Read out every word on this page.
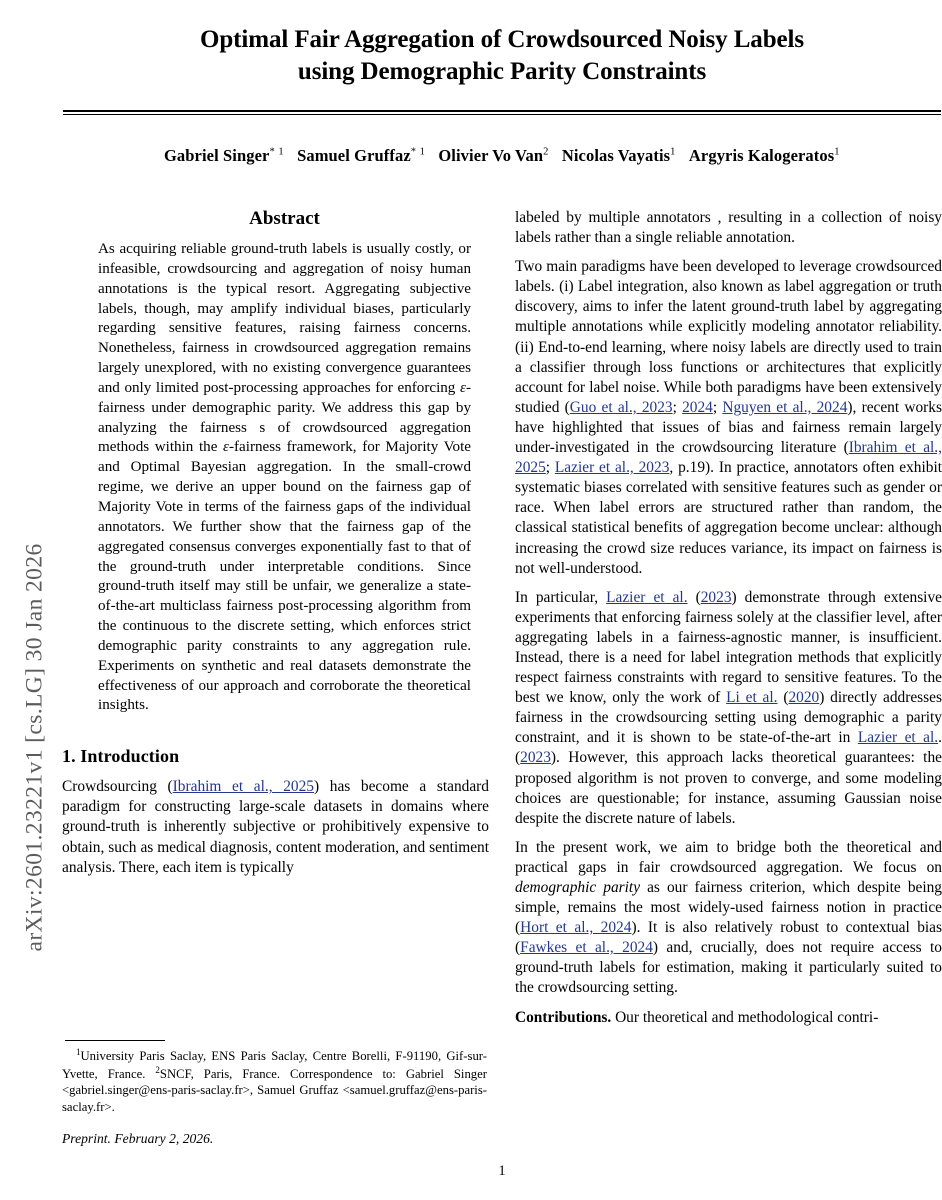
arXiv:2601.23221v1 [cs.LG] 30 Jan 2026
Optimal Fair Aggregation of Crowdsourced Noisy Labels
using Demographic Parity Constraints
Gabriel Singer$^{* 1}$ Samuel Gruffaz$^{* 1}$ Olivier Vo Van$^2$ Nicolas Vayatis$^1$ Argyris Kalogeratos$^1$
Abstract

As acquiring reliable ground-truth labels is usually costly, or infeasible, crowdsourcing and aggregation of noisy human annotations is the typical resort. Aggregating subjective labels, though, may amplify individual biases, particularly regarding sensitive features, raising fairness concerns. Nonetheless, fairness in crowdsourced aggregation remains largely unexplored, with no existing convergence guarantees and only limited post-processing approaches for enforcing ε-fairness under demographic parity. We address this gap by analyzing the fairness s of crowdsourced aggregation methods within the ε-fairness framework, for Majority Vote and Optimal Bayesian aggregation. In the small-crowd regime, we derive an upper bound on the fairness gap of Majority Vote in terms of the fairness gaps of the individual annotators. We further show that the fairness gap of the aggregated consensus converges exponentially fast to that of the ground-truth under interpretable conditions. Since ground-truth itself may still be unfair, we generalize a state-of-the-art multiclass fairness post-processing algorithm from the continuous to the discrete setting, which enforces strict demographic parity constraints to any aggregation rule. Experiments on synthetic and real datasets demonstrate the effectiveness of our approach and corroborate the theoretical insights.

1. Introduction

Crowdsourcing (Ibrahim et al., 2025) has become a standard paradigm for constructing large-scale datasets in domains where ground-truth is inherently subjective or prohibitively expensive to obtain, such as medical diagnosis, content moderation, and sentiment analysis. There, each item is typically

$^1$University Paris Saclay, ENS Paris Saclay, Centre Borelli, F-91190, Gif-sur-Yvette, France. $^2$SNCF, Paris, France. Correspondence to: Gabriel Singer <gabriel.singer@ens-paris-saclay.fr>, Samuel Gruffaz <samuel.gruffaz@ens-paris-saclay.fr>.

Preprint. February 2, 2026.

labeled by multiple annotators , resulting in a collection of noisy labels rather than a single reliable annotation.

Two main paradigms have been developed to leverage crowdsourced labels. (i) Label integration, also known as label aggregation or truth discovery, aims to infer the latent ground-truth label by aggregating multiple annotations while explicitly modeling annotator reliability. (ii) End-to-end learning, where noisy labels are directly used to train a classifier through loss functions or architectures that explicitly account for label noise. While both paradigms have been extensively studied (Guo et al., 2023; 2024; Nguyen et al., 2024), recent works have highlighted that issues of bias and fairness remain largely under-investigated in the crowdsourcing literature (Ibrahim et al., 2025; Lazier et al., 2023, p.19). In practice, annotators often exhibit systematic biases correlated with sensitive features such as gender or race. When label errors are structured rather than random, the classical statistical benefits of aggregation become unclear: although increasing the crowd size reduces variance, its impact on fairness is not well-understood.

In particular, Lazier et al. (2023) demonstrate through extensive experiments that enforcing fairness solely at the classifier level, after aggregating labels in a fairness-agnostic manner, is insufficient. Instead, there is a need for label integration methods that explicitly respect fairness constraints with regard to sensitive features. To the best we know, only the work of Li et al. (2020) directly addresses fairness in the crowdsourcing setting using demographic a parity constraint, and it is shown to be state-of-the-art in Lazier et al.. (2023). However, this approach lacks theoretical guarantees: the proposed algorithm is not proven to converge, and some modeling choices are questionable; for instance, assuming Gaussian noise despite the discrete nature of labels.

In the present work, we aim to bridge both the theoretical and practical gaps in fair crowdsourced aggregation. We focus on demographic parity as our fairness criterion, which despite being simple, remains the most widely-used fairness notion in practice (Hort et al., 2024). It is also relatively robust to contextual bias (Fawkes et al., 2024) and, crucially, does not require access to ground-truth labels for estimation, making it particularly suited to the crowdsourcing setting.

Contributions. Our theoretical and methodological contri-

1
